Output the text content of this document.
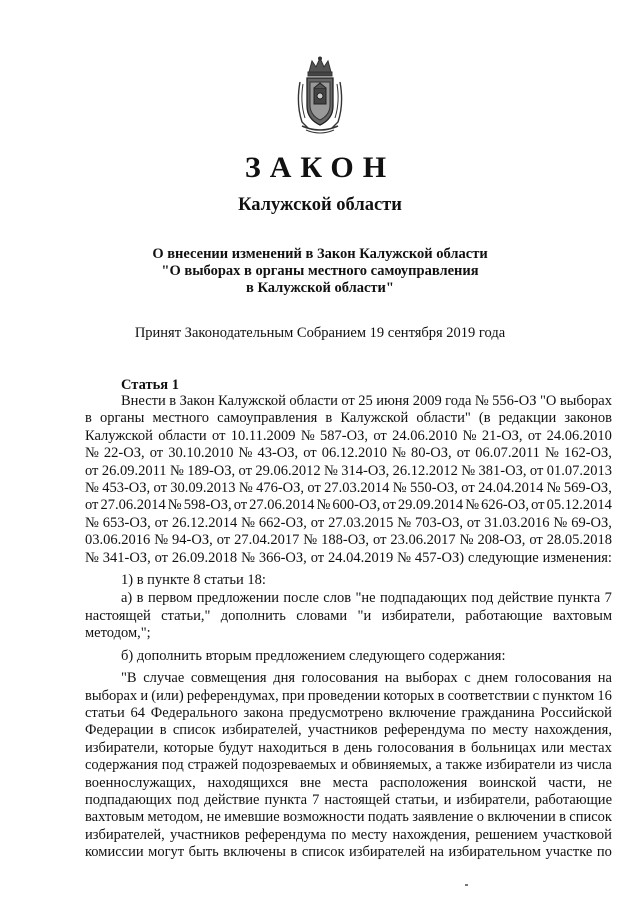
ЗАКОН
Калужской области
О внесении изменений в Закон Калужской области
"О выборах в органы местного самоуправления
в Калужской области"
Принят Законодательным Собранием 19 сентября 2019 года
Статья 1
Внести в Закон Калужской области от 25 июня 2009 года № 556-ОЗ "О выборах
в органы местного самоуправления в Калужской области" (в редакции законов
Калужской области от 10.11.2009 № 587-ОЗ, от 24.06.2010 № 21-ОЗ, от 24.06.2010
№ 22-ОЗ, от 30.10.2010 № 43-ОЗ, от 06.12.2010 № 80-ОЗ, от 06.07.2011 № 162-ОЗ,
от 26.09.2011 № 189-ОЗ, от 29.06.2012 № 314-ОЗ, 26.12.2012 № 381-ОЗ, от 01.07.2013
№ 453-ОЗ, от 30.09.2013 № 476-ОЗ, от 27.03.2014 № 550-ОЗ, от 24.04.2014 № 569-ОЗ,
от 27.06.2014 № 598-ОЗ, от 27.06.2014 № 600-ОЗ, от 29.09.2014 № 626-ОЗ, от 05.12.2014
№ 653-ОЗ, от 26.12.2014 № 662-ОЗ, от 27.03.2015 № 703-ОЗ, от 31.03.2016 № 69-ОЗ,
03.06.2016 № 94-ОЗ, от 27.04.2017 № 188-ОЗ, от 23.06.2017 № 208-ОЗ, от 28.05.2018
№ 341-ОЗ, от 26.09.2018 № 366-ОЗ, от 24.04.2019 № 457-ОЗ) следующие изменения:
1) в пункте 8 статьи 18:
а) в первом предложении после слов "не подпадающих под действие пункта 7
настоящей статьи," дополнить словами "и избиратели, работающие вахтовым
методом,";
б) дополнить вторым предложением следующего содержания:
"В случае совмещения дня голосования на выборах с днем голосования на
выборах и (или) референдумах, при проведении которых в соответствии с пунктом 16
статьи 64 Федерального закона предусмотрено включение гражданина Российской
Федерации в список избирателей, участников референдума по месту нахождения,
избиратели, которые будут находиться в день голосования в больницах или местах
содержания под стражей подозреваемых и обвиняемых, а также избиратели из числа
военнослужащих, находящихся вне места расположения воинской части, не
подпадающих под действие пункта 7 настоящей статьи, и избиратели, работающие
вахтовым методом, не имевшие возможности подать заявление о включении в список
избирателей, участников референдума по месту нахождения, решением участковой
комиссии могут быть включены в список избирателей на избирательном участке по
